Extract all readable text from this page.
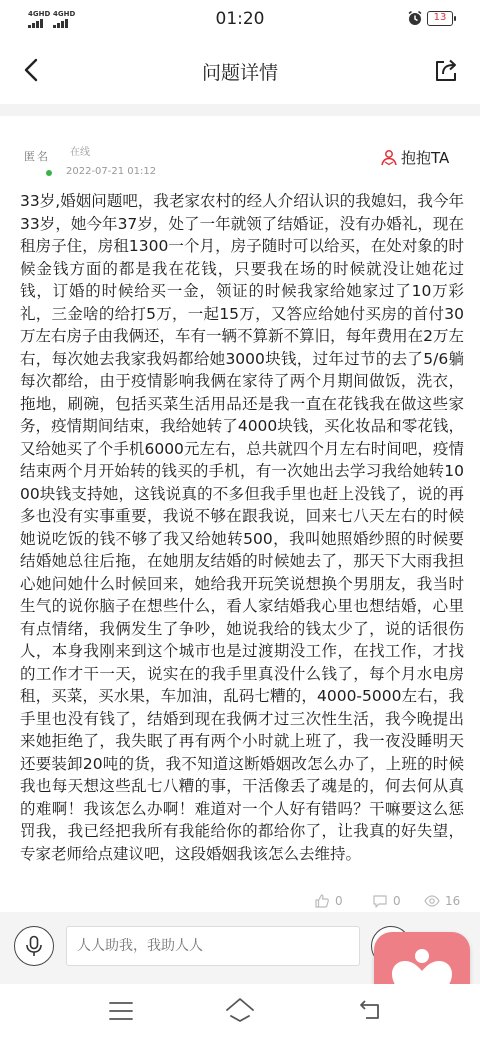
4GHD 4GHD	01:20	13
问题详情
匿名 在线
2022-07-21 01:12
抱抱TA
33岁,婚姻问题吧，我老家农村的经人介绍认识的我媳妇，我今年33岁，她今年37岁，处了一年就领了结婚证，没有办婚礼，现在租房子住，房租1300一个月，房子随时可以给买，在处对象的时候金钱方面的都是我在花钱，只要我在场的时候就没让她花过钱，订婚的时候给买一金，领证的时候我家给她家过了10万彩礼，三金啥的给打5万，一起15万，又答应给她付买房的首付30万左右房子由我俩还，车有一辆不算新不算旧，每年费用在2万左右，每次她去我家我妈都给她3000块钱，过年过节的去了5/6躺每次都给，由于疫情影响我俩在家待了两个月期间做饭，洗衣，拖地，刷碗，包括买菜生活用品还是我一直在花钱我在做这些家务，疫情期间结束，我给她转了4000块钱，买化妆品和零花钱，又给她买了个手机6000元左右，总共就四个月左右时间吧，疫情结束两个月开始转的钱买的手机，有一次她出去学习我给她转1000块钱支持她，这钱说真的不多但我手里也赶上没钱了，说的再多也没有实事重要，我说不够在跟我说，回来七八天左右的时候她说吃饭的钱不够了我又给她转500，我叫她照婚纱照的时候要结婚她总往后拖，在她朋友结婚的时候她去了，那天下大雨我担心她问她什么时候回来，她给我开玩笑说想换个男朋友，我当时生气的说你脑子在想些什么，看人家结婚我心里也想结婚，心里有点情绪，我俩发生了争吵，她说我给的钱太少了，说的话很伤人，本身我刚来到这个城市也是过渡期没工作，在找工作，才找的工作才干一天，说实在的我手里真没什么钱了，每个月水电房租，买菜，买水果，车加油，乱码七糟的，4000-5000左右，我手里也没有钱了，结婚到现在我俩才过三次性生活，我今晚提出来她拒绝了，我失眠了再有两个小时就上班了，我一夜没睡明天还要装卸20吨的货，我不知道这断婚姻改怎么办了，上班的时候我也每天想这些乱七八糟的事，干活像丢了魂是的，何去何从真的难啊！我该怎么办啊！难道对一个人好有错吗？干嘛要这么惩罚我，我已经把我所有我能给你的都给你了，让我真的好失望，专家老师给点建议吧，这段婚姻我该怎么去维持。
0	0	16
人人助我，我助人人
